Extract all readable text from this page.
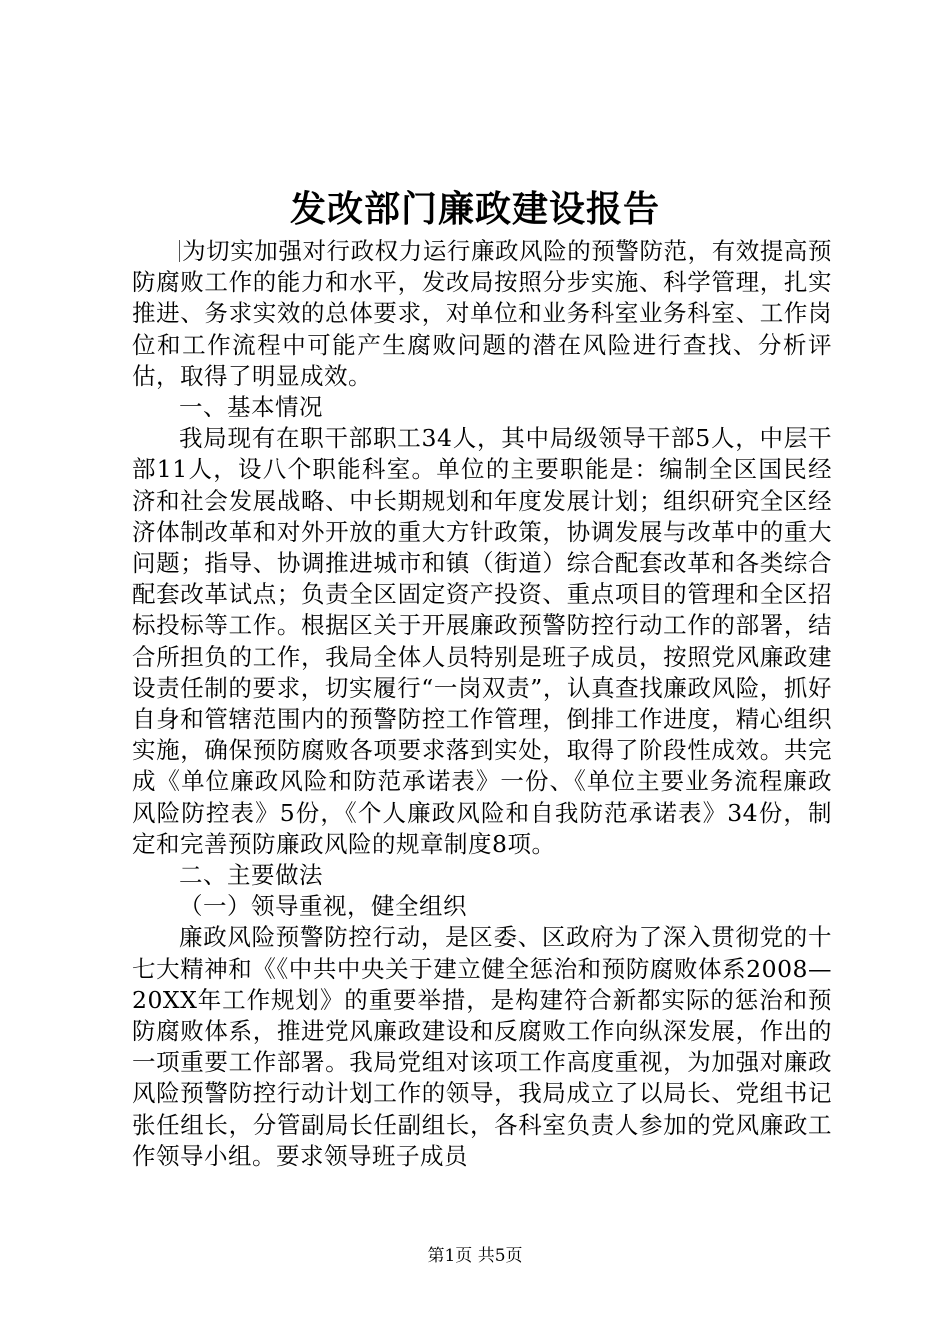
发改部门廉政建设报告

为切实加强对行政权力运行廉政风险的预警防范，有效提高预防腐败工作的能力和水平，发改局按照分步实施、科学管理，扎实推进、务求实效的总体要求，对单位和业务科室业务科室、工作岗位和工作流程中可能产生腐败问题的潜在风险进行查找、分析评估，取得了明显成效。

一、基本情况

我局现有在职干部职工34人，其中局级领导干部5人，中层干部11人，设八个职能科室。单位的主要职能是：编制全区国民经济和社会发展战略、中长期规划和年度发展计划；组织研究全区经济体制改革和对外开放的重大方针政策，协调发展与改革中的重大问题；指导、协调推进城市和镇（街道）综合配套改革和各类综合配套改革试点；负责全区固定资产投资、重点项目的管理和全区招标投标等工作。根据区关于开展廉政预警防控行动工作的部署，结合所担负的工作，我局全体人员特别是班子成员，按照党风廉政建设责任制的要求，切实履行“一岗双责”，认真查找廉政风险，抓好自身和管辖范围内的预警防控工作管理，倒排工作进度，精心组织实施，确保预防腐败各项要求落到实处，取得了阶段性成效。共完成《单位廉政风险和防范承诺表》一份、《单位主要业务流程廉政风险防控表》5份，《个人廉政风险和自我防范承诺表》34份，制定和完善预防廉政风险的规章制度8项。

二、主要做法

（一）领导重视，健全组织

廉政风险预警防控行动，是区委、区政府为了深入贯彻党的十七大精神和《《中共中央关于建立健全惩治和预防腐败体系2008—20XX年工作规划》的重要举措，是构建符合新都实际的惩治和预防腐败体系，推进党风廉政建设和反腐败工作向纵深发展，作出的一项重要工作部署。我局党组对该项工作高度重视，为加强对廉政风险预警防控行动计划工作的领导，我局成立了以局长、党组书记张任组长，分管副局长任副组长，各科室负责人参加的党风廉政工作领导小组。要求领导班子成员

第1页 共5页
